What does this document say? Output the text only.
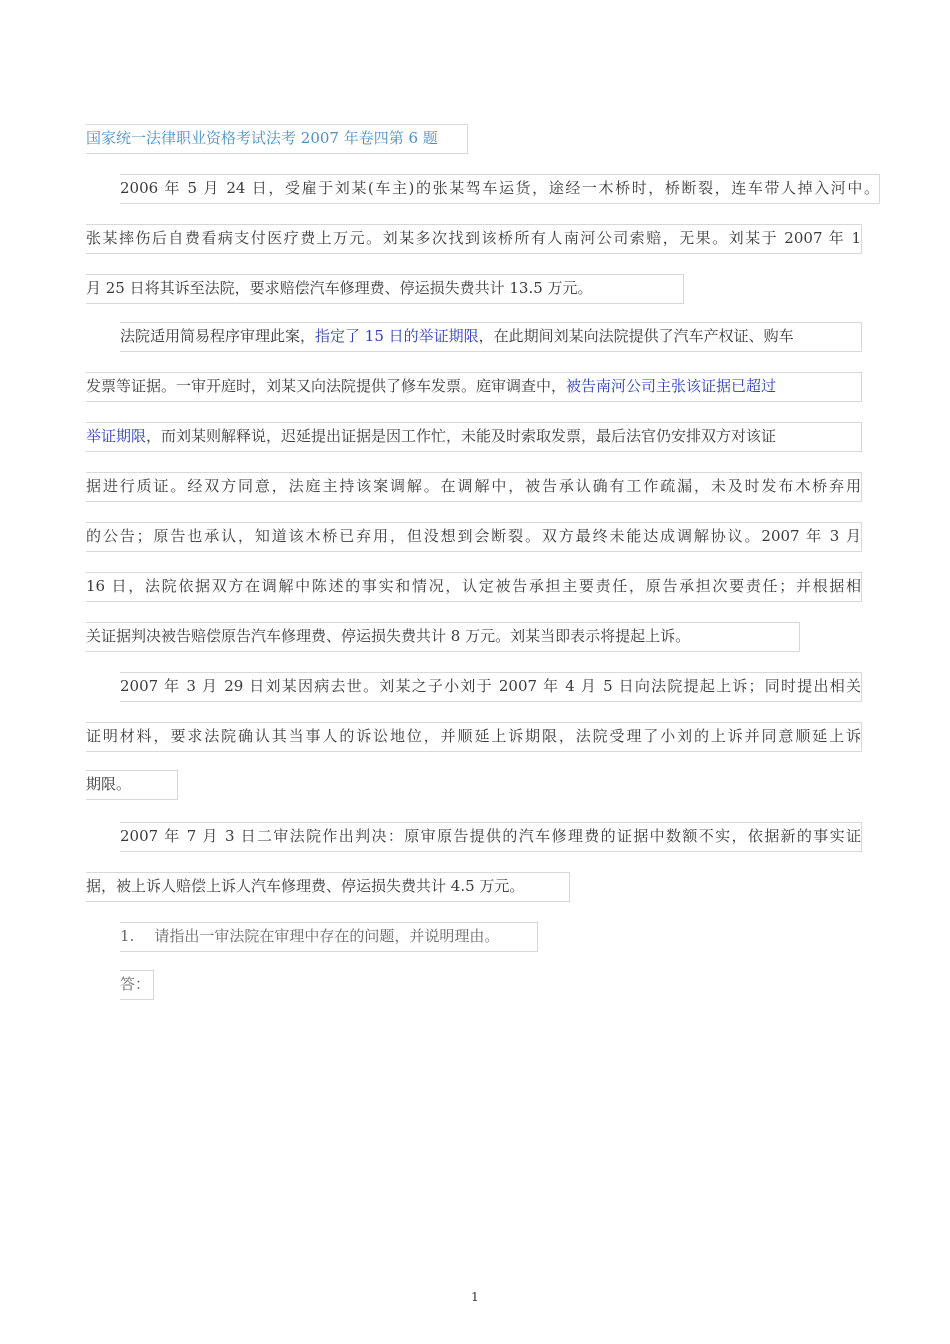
国家统一法律职业资格考试法考 2007 年卷四第 6 题
2006 年 5 月 24 日，受雇于刘某(车主)的张某驾车运货，途经一木桥时，桥断裂，连车带人掉入河中。
张某摔伤后自费看病支付医疗费上万元。刘某多次找到该桥所有人南河公司索赔，无果。刘某于 2007 年 1
月 25 日将其诉至法院，要求赔偿汽车修理费、停运损失费共计 13.5 万元。
法院适用简易程序审理此案，指定了 15 日的举证期限，在此期间刘某向法院提供了汽车产权证、购车
发票等证据。一审开庭时，刘某又向法院提供了修车发票。庭审调查中，被告南河公司主张该证据已超过
举证期限，而刘某则解释说，迟延提出证据是因工作忙，未能及时索取发票，最后法官仍安排双方对该证
据进行质证。经双方同意，法庭主持该案调解。在调解中，被告承认确有工作疏漏，未及时发布木桥弃用
的公告；原告也承认，知道该木桥已弃用，但没想到会断裂。双方最终未能达成调解协议。2007 年 3 月
16 日，法院依据双方在调解中陈述的事实和情况，认定被告承担主要责任，原告承担次要责任；并根据相
关证据判决被告赔偿原告汽车修理费、停运损失费共计 8 万元。刘某当即表示将提起上诉。
2007 年 3 月 29 日刘某因病去世。刘某之子小刘于 2007 年 4 月 5 日向法院提起上诉；同时提出相关
证明材料，要求法院确认其当事人的诉讼地位，并顺延上诉期限，法院受理了小刘的上诉并同意顺延上诉
期限。
2007 年 7 月 3 日二审法院作出判决：原审原告提供的汽车修理费的证据中数额不实，依据新的事实证
据，被上诉人赔偿上诉人汽车修理费、停运损失费共计 4.5 万元。
1. 请指出一审法院在审理中存在的问题，并说明理由。
答：
1
